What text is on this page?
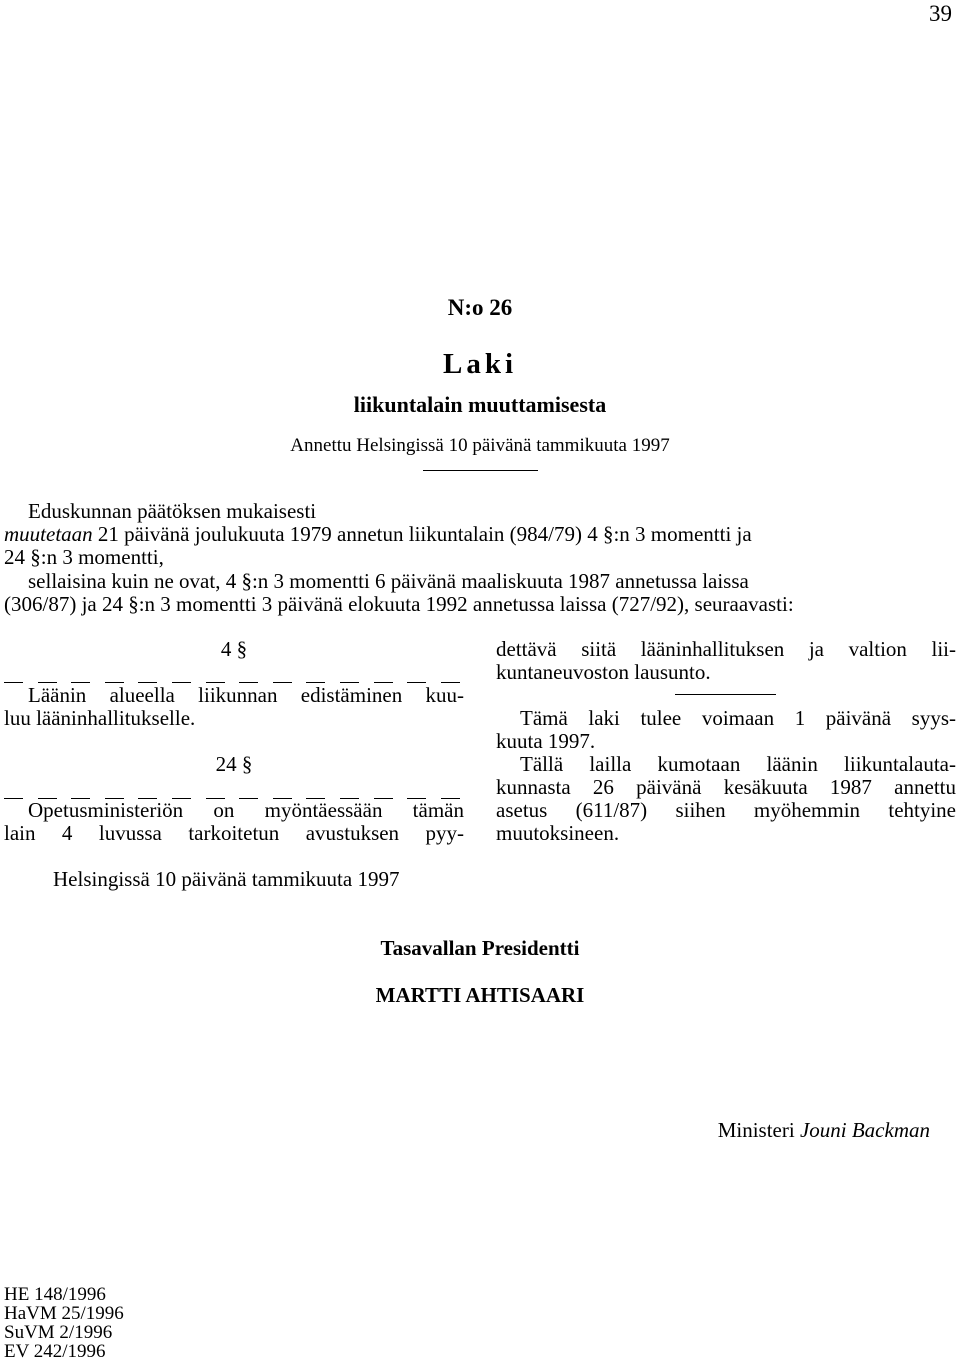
39
N:o 26
Laki
liikuntalain muuttamisesta
Annettu Helsingissä 10 päivänä tammikuuta 1997
Eduskunnan päätöksen mukaisesti
muutetaan 21 päivänä joulukuuta 1979 annetun liikuntalain (984/79) 4 §:n 3 momentti ja
24 §:n 3 momentti,
sellaisina kuin ne ovat, 4 §:n 3 momentti 6 päivänä maaliskuuta 1987 annetussa laissa
(306/87) ja 24 §:n 3 momentti 3 päivänä elokuuta 1992 annetussa laissa (727/92), seuraavasti:
4 §
Läänin alueella liikunnan edistäminen kuu-
luu lääninhallitukselle.
24 §
Opetusministeriön on myöntäessään tämän
lain 4 luvussa tarkoitetun avustuksen pyy-
dettävä siitä lääninhallituksen ja valtion lii-
kuntaneuvoston lausunto.
Tämä laki tulee voimaan 1 päivänä syys-
kuuta 1997.
Tällä lailla kumotaan läänin liikuntalauta-
kunnasta 26 päivänä kesäkuuta 1987 annettu
asetus (611/87) siihen myöhemmin tehtyine
muutoksineen.
Helsingissä 10 päivänä tammikuuta 1997
Tasavallan Presidentti
MARTTI AHTISAARI
Ministeri Jouni Backman
HE 148/1996
HaVM 25/1996
SuVM 2/1996
EV 242/1996
